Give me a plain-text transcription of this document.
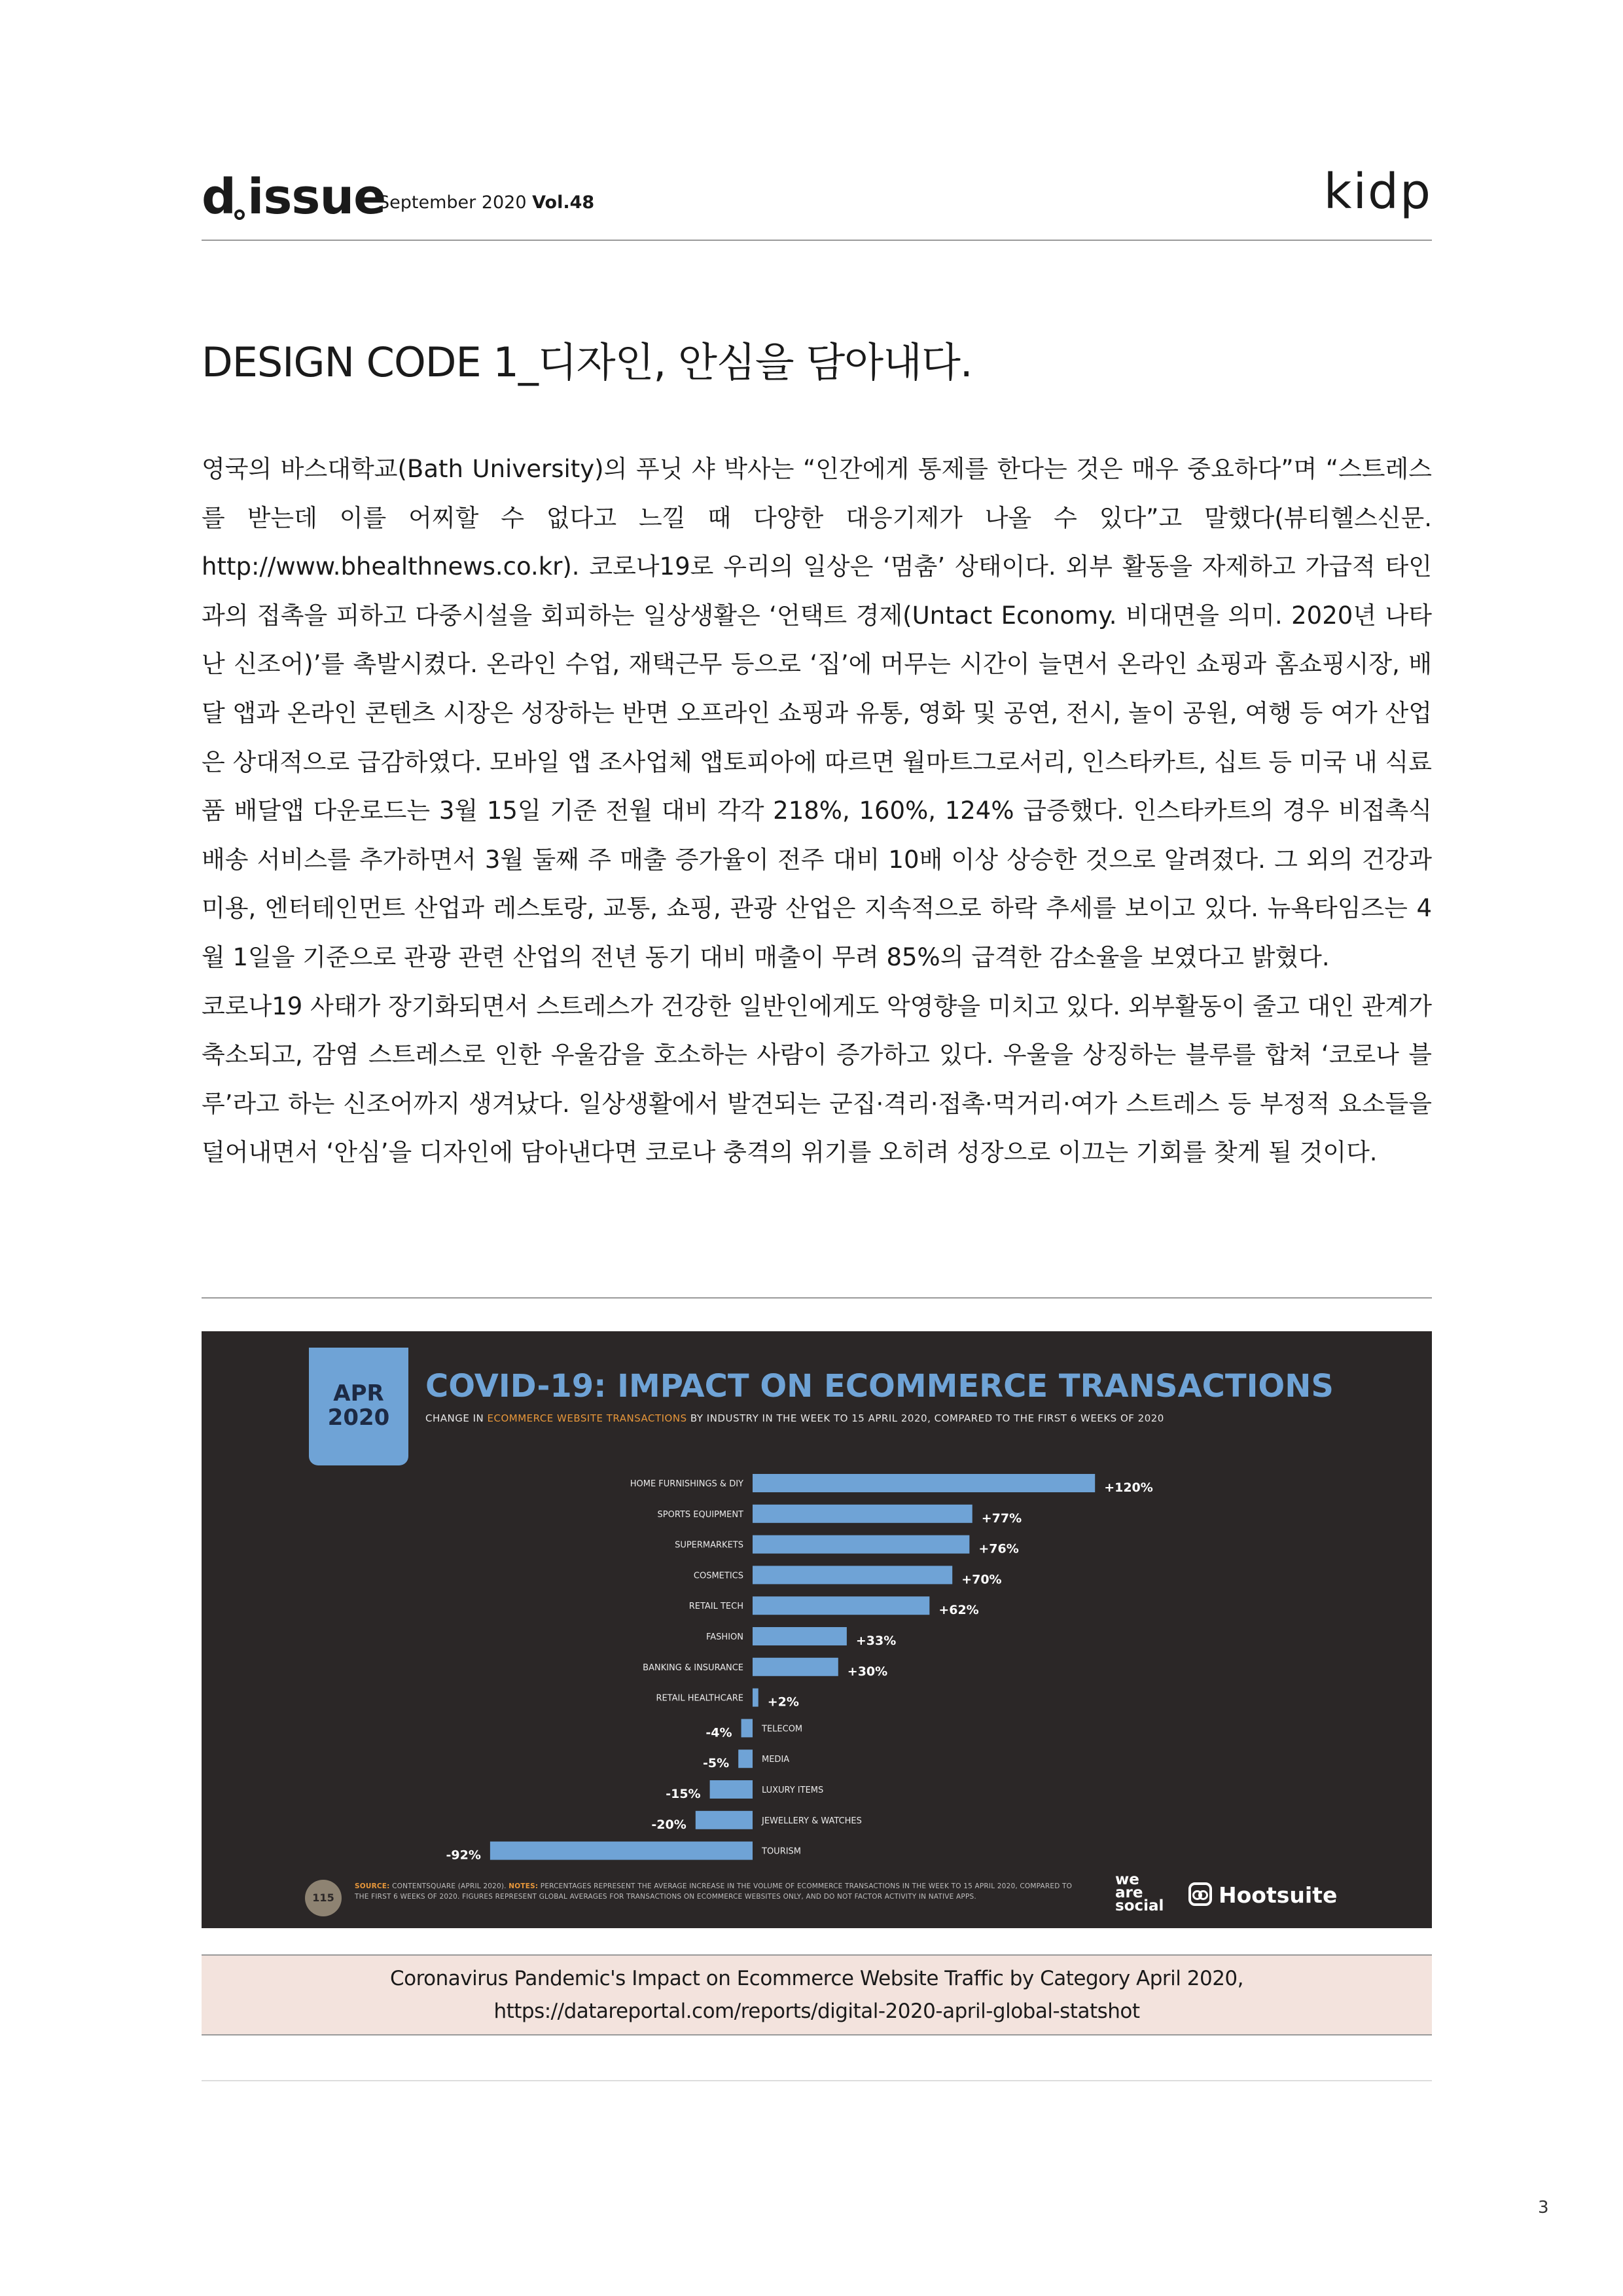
d issue
September 2020 Vol.48	kidp
DESIGN CODE 1_디자인, 안심을 담아내다.

영국의 바스대학교(Bath University)의 푸닛 샤 박사는 “인간에게 통제를 한다는 것은 매우 중요하다”며 “스트레스를 받는데 이를 어찌할 수 없다고 느낄 때 다양한 대응기제가 나올 수 있다”고 말했다(뷰티헬스신문. http://www.bhealthnews.co.kr). 코로나19로 우리의 일상은 ‘멈춤’ 상태이다. 외부 활동을 자제하고 가급적 타인과의 접촉을 피하고 다중시설을 회피하는 일상생활은 ‘언택트 경제(Untact Economy. 비대면을 의미. 2020년 나타난 신조어)’를 촉발시켰다. 온라인 수업, 재택근무 등으로 ‘집’에 머무는 시간이 늘면서 온라인 쇼핑과 홈쇼핑시장, 배달 앱과 온라인 콘텐츠 시장은 성장하는 반면 오프라인 쇼핑과 유통, 영화 및 공연, 전시, 놀이 공원, 여행 등 여가 산업은 상대적으로 급감하였다. 모바일 앱 조사업체 앱토피아에 따르면 월마트그로서리, 인스타카트, 십트 등 미국 내 식료품 배달앱 다운로드는 3월 15일 기준 전월 대비 각각 218%, 160%, 124% 급증했다. 인스타카트의 경우 비접촉식 배송 서비스를 추가하면서 3월 둘째 주 매출 증가율이 전주 대비 10배 이상 상승한 것으로 알려졌다. 그 외의 건강과 미용, 엔터테인먼트 산업과 레스토랑, 교통, 쇼핑, 관광 산업은 지속적으로 하락 추세를 보이고 있다. 뉴욕타임즈는 4월 1일을 기준으로 관광 관련 산업의 전년 동기 대비 매출이 무려 85%의 급격한 감소율을 보였다고 밝혔다.

코로나19 사태가 장기화되면서 스트레스가 건강한 일반인에게도 악영향을 미치고 있다. 외부활동이 줄고 대인 관계가 축소되고, 감염 스트레스로 인한 우울감을 호소하는 사람이 증가하고 있다. 우울을 상징하는 블루를 합쳐 ‘코로나 블루’라고 하는 신조어까지 생겨났다. 일상생활에서 발견되는 군집·격리·접촉·먹거리·여가 스트레스 등 부정적 요소들을 덜어내면서 ‘안심’을 디자인에 담아낸다면 코로나 충격의 위기를 오히려 성장으로 이끄는 기회를 찾게 될 것이다.

HOME FURNISHINGS & DIY	+120%
SPORTS EQUIPMENT	+77%
SUPERMARKETS	+76%
COSMETICS	+70%
RETAIL TECH	+62%
FASHION	+33%
BANKING & INSURANCE	+30%
RETAIL HEALTHCARE +2%
TELECOM
-4%
MEDIA
-5%
LUXURY ITEMS
-15%
JEWELLERY & WATCHES
-20%
TOURISM
-92%
APR
2020
COVID-19: IMPACT ON ECOMMERCE TRANSACTIONS
CHANGE IN ECOMMERCE WEBSITE TRANSACTIONS BY INDUSTRY IN THE WEEK TO 15 APRIL 2020, COMPARED TO THE FIRST 6 WEEKS OF 2020
115
SOURCE: CONTENTSQUARE (APRIL 2020). NOTES: PERCENTAGES REPRESENT THE AVERAGE INCREASE IN THE VOLUME OF ECOMMERCE TRANSACTIONS IN THE WEEK TO 15 APRIL 2020, COMPARED TO THE FIRST 6 WEEKS OF 2020. FIGURES REPRESENT GLOBAL AVERAGES FOR TRANSACTIONS ON ECOMMERCE WEBSITES ONLY, AND DO NOT FACTOR ACTIVITY IN NATIVE APPS.
we
are
social	Hootsuite
Coronavirus Pandemic's Impact on Ecommerce Website Traffic by Category April 2020,
https://datareportal.com/reports/digital-2020-april-global-statshot
3
